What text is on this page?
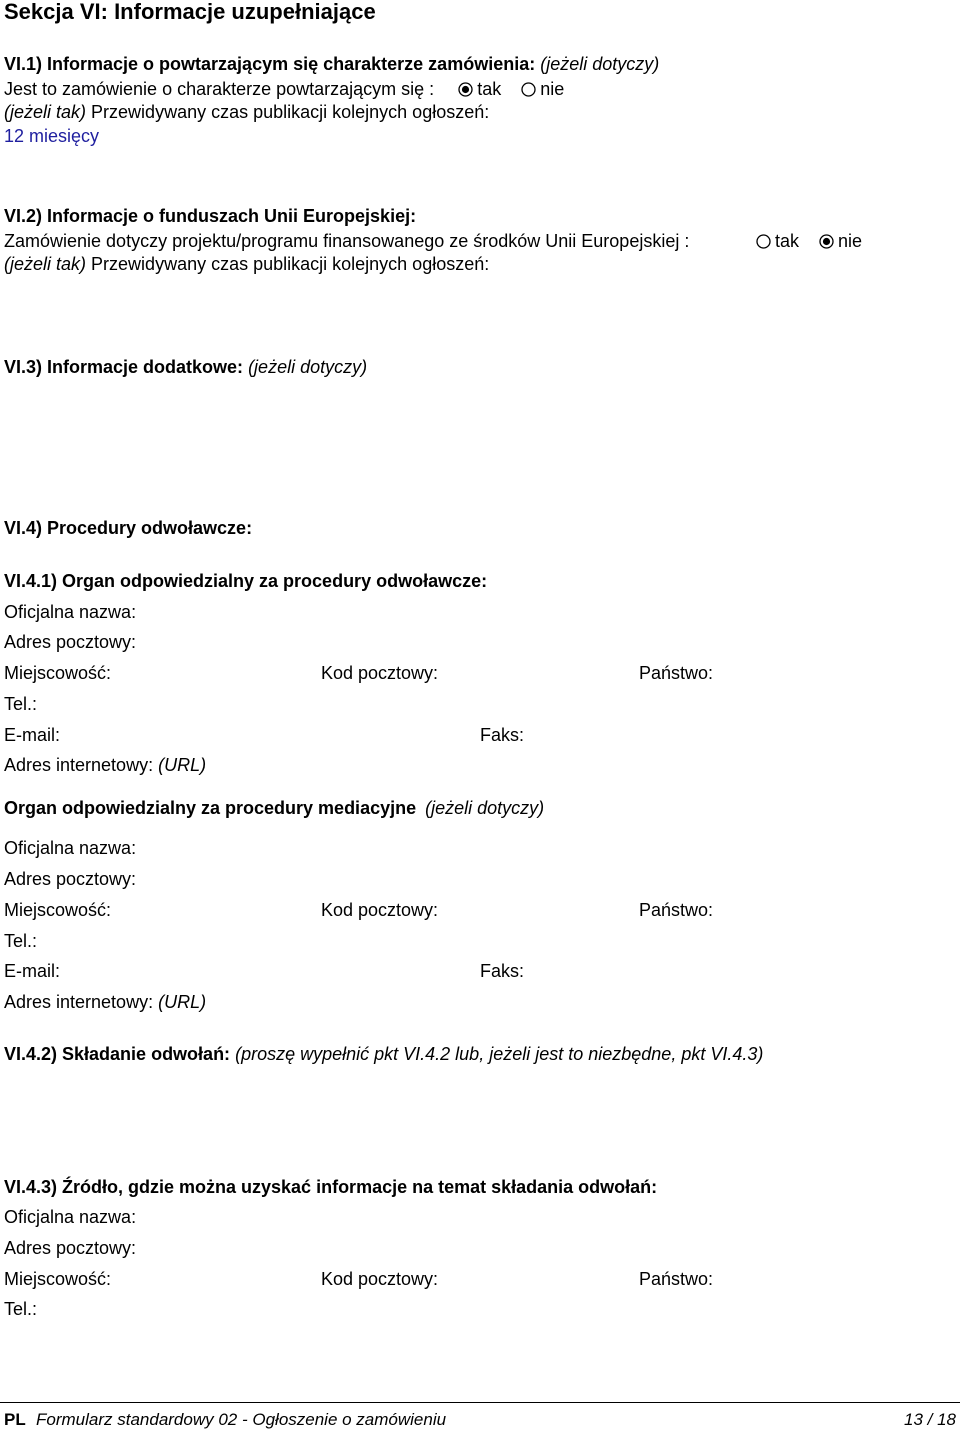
Sekcja VI: Informacje uzupełniające
VI.1) Informacje o powtarzającym się charakterze zamówienia: (jeżeli dotyczy)
Jest to zamówienie o charakterze powtarzającym się : tak nie
(jeżeli tak) Przewidywany czas publikacji kolejnych ogłoszeń:
12 miesięcy
VI.2) Informacje o funduszach Unii Europejskiej:
Zamówienie dotyczy projektu/programu finansowanego ze środków Unii Europejskiej :	tak nie
(jeżeli tak) Przewidywany czas publikacji kolejnych ogłoszeń:
VI.3) Informacje dodatkowe: (jeżeli dotyczy)
VI.4) Procedury odwoławcze:
VI.4.1) Organ odpowiedzialny za procedury odwoławcze:
Oficjalna nazwa:
Adres pocztowy:
Miejscowość:	Kod pocztowy:	Państwo:
Tel.:
E-mail:	Faks:
Adres internetowy: (URL)
Organ odpowiedzialny za procedury mediacyjne (jeżeli dotyczy)
Oficjalna nazwa:
Adres pocztowy:
Miejscowość:	Kod pocztowy:	Państwo:
Tel.:
E-mail:	Faks:
Adres internetowy: (URL)
VI.4.2) Składanie odwołań: (proszę wypełnić pkt VI.4.2 lub, jeżeli jest to niezbędne, pkt VI.4.3)
VI.4.3) Źródło, gdzie można uzyskać informacje na temat składania odwołań:
Oficjalna nazwa:
Adres pocztowy:
Miejscowość:	Kod pocztowy:	Państwo:
Tel.:
PL Formularz standardowy 02 - Ogłoszenie o zamówieniu	13 / 18
